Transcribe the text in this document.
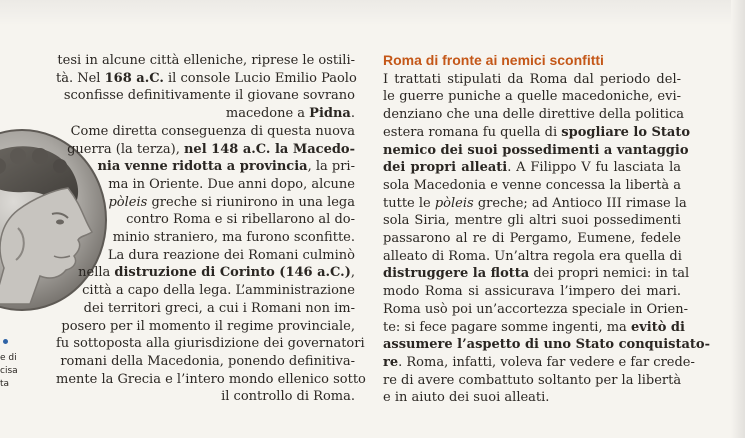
e di
cisa
ta
tesi in alcune città elleniche, riprese le ostili-
tà. Nel 168 a.C. il console Lucio Emilio Paolo
sconfisse definitivamente il giovane sovrano
macedone a Pidna.
Come diretta conseguenza di questa nuova
guerra (la terza), nel 148 a.C. la Macedo-
nia venne ridotta a provincia, la pri-
ma in Oriente. Due anni dopo, alcune
pòleis greche si riunirono in una lega
contro Roma e si ribellarono al do-
minio straniero, ma furono sconfitte.
La dura reazione dei Romani culminò
nella distruzione di Corinto (146 a.C.),
città a capo della lega. L’amministrazione
dei territori greci, a cui i Romani non im-
posero per il momento il regime provinciale,
fu sottoposta alla giurisdizione dei governatori
romani della Macedonia, ponendo definitiva-
mente la Grecia e l’intero mondo ellenico sotto
il controllo di Roma.
Roma di fronte ai nemici sconfitti
I trattati stipulati da Roma dal periodo del-
le guerre puniche a quelle macedoniche, evi-
denziano che una delle direttive della politica
estera romana fu quella di spogliare lo Stato
nemico dei suoi possedimenti a vantaggio
dei propri alleati. A Filippo V fu lasciata la
sola Macedonia e venne concessa la libertà a
tutte le pòleis greche; ad Antioco III rimase la
sola Siria, mentre gli altri suoi possedimenti
passarono al re di Pergamo, Eumene, fedele
alleato di Roma. Un’altra regola era quella di
distruggere la flotta dei propri nemici: in tal
modo Roma si assicurava l’impero dei mari.
Roma usò poi un’accortezza speciale in Orien-
te: si fece pagare somme ingenti, ma evitò di
assumere l’aspetto di uno Stato conquistato-
re. Roma, infatti, voleva far vedere e far crede-
re di avere combattuto soltanto per la libertà
e in aiuto dei suoi alleati.
